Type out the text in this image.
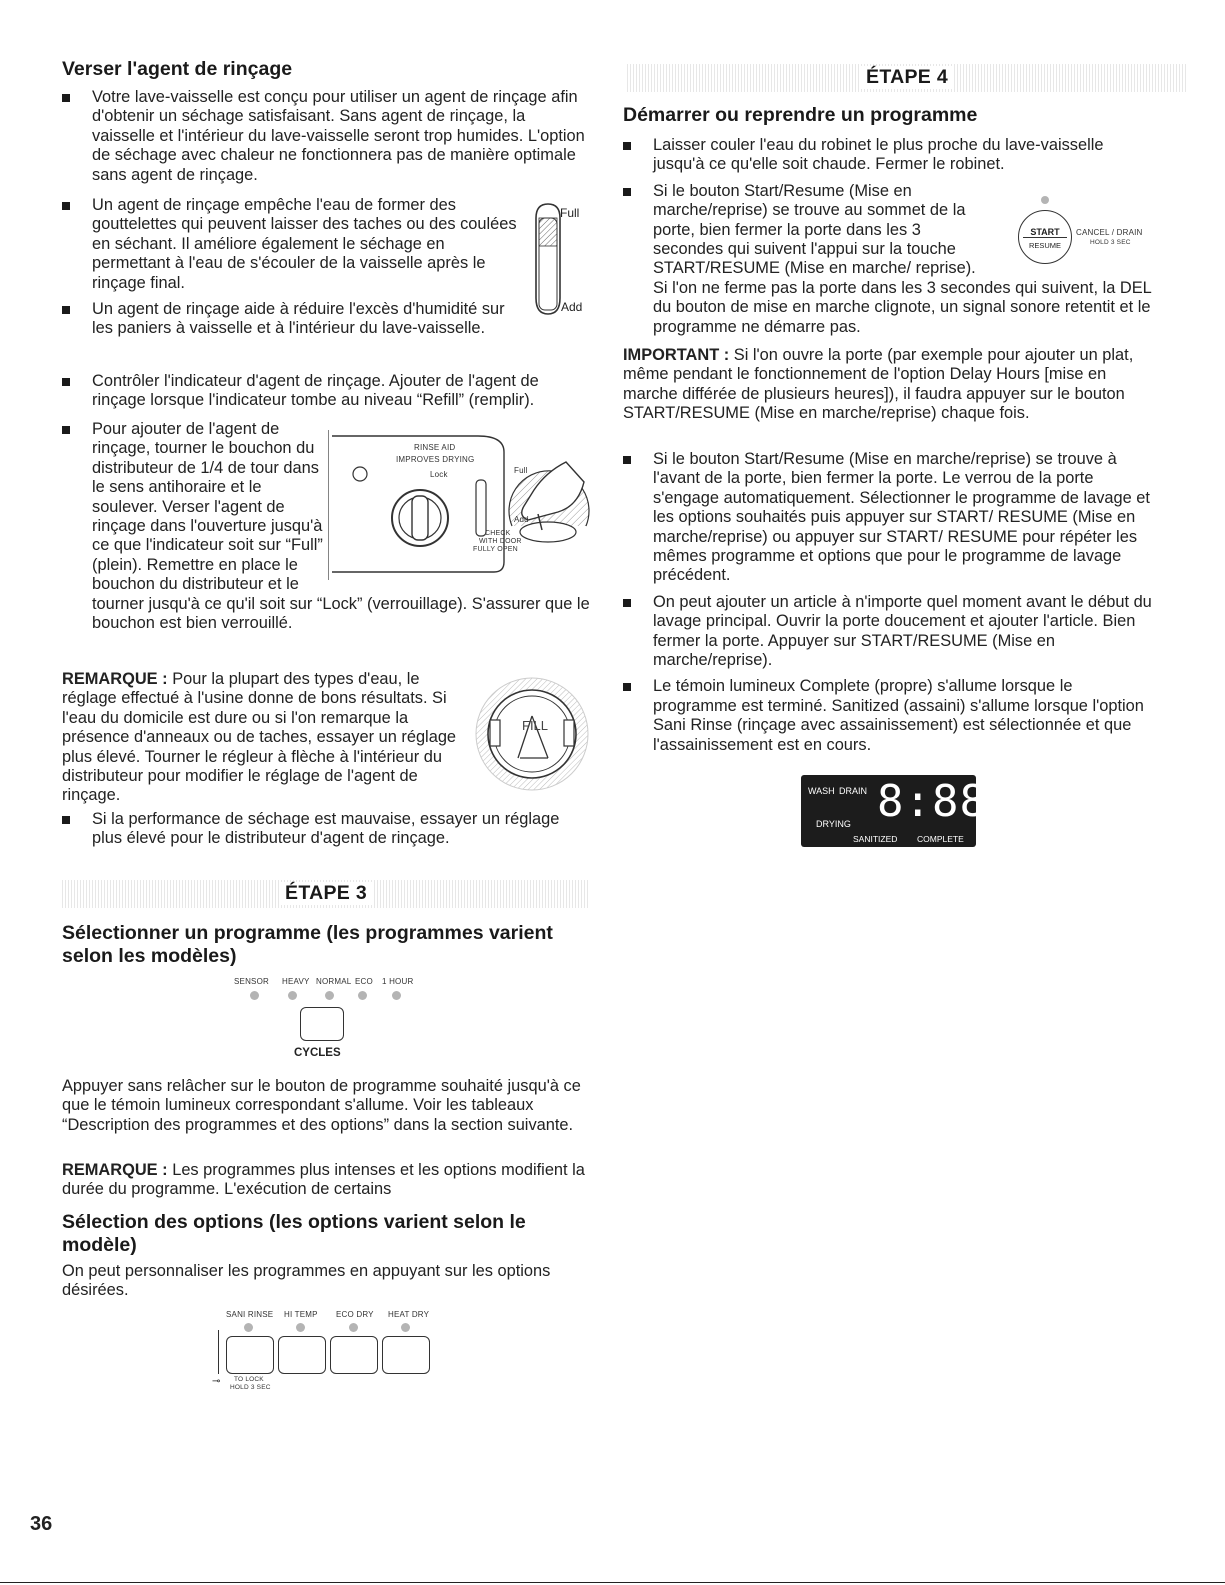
Verser l'agent de rinçage
Votre lave-vaisselle est conçu pour utiliser un agent de rinçage afin d'obtenir un séchage satisfaisant. Sans agent de rinçage, la vaisselle et l'intérieur du lave-vaisselle seront trop humides. L'option de séchage avec chaleur ne fonctionnera pas de manière optimale sans agent de rinçage.
Un agent de rinçage empêche l'eau de former des gouttelettes qui peuvent laisser des taches ou des coulées en séchant. Il améliore également le séchage en permettant à l'eau de s'écouler de la vaisselle après le rinçage final.
Un agent de rinçage aide à réduire l'excès d'humidité sur les paniers à vaisselle et à l'intérieur du lave-vaisselle.
Full
Add
Contrôler l'indicateur d'agent de rinçage. Ajouter de l'agent de rinçage lorsque l'indicateur tombe au niveau “Refill” (remplir).
Pour ajouter de l'agent de rinçage, tourner le bouchon du distributeur de 1/4 de tour dans le sens antihoraire et le soulever. Verser l'agent de rinçage dans l'ouverture jusqu'à ce que l'indicateur soit sur “Full” (plein). Remettre en place le bouchon du distributeur et le tourner jusqu'à ce qu'il soit sur “Lock” (verrouillage). S'assurer que le bouchon est bien verrouillé.
RINSE AID
IMPROVES DRYING
Lock	Full
Add
CHECK
WITH DOOR
FULLY OPEN

REMARQUE : Pour la plupart des types d'eau, le réglage effectué à l'usine donne de bons résultats. Si l'eau du domicile est dure ou si l'on remarque la présence d'anneaux ou de taches, essayer un réglage plus élevé. Tourner le régleur à flèche à l'intérieur du distributeur pour modifier le réglage de l'agent de rinçage.

FILL
Si la performance de séchage est mauvaise, essayer un réglage plus élevé pour le distributeur d'agent de rinçage.
ÉTAPE 3
Sélectionner un programme (les programmes varient selon les modèles)
SENSOR HEAVY NORMAL ECO 1 HOUR
CYCLES

Appuyer sans relâcher sur le bouton de programme souhaité jusqu'à ce que le témoin lumineux correspondant s'allume. Voir les tableaux “Description des programmes et des options” dans la section suivante.

REMARQUE : Les programmes plus intenses et les options modifient la durée du programme. L'exécution de certains

Sélection des options (les options varient selon le modèle)

On peut personnaliser les programmes en appuyant sur les options désirées.

SANI RINSE HI TEMP ECO DRY HEAT DRY
⊸ TO LOCK
HOLD 3 SEC
36
ÉTAPE 4
Démarrer ou reprendre un programme
Laisser couler l'eau du robinet le plus proche du lave-vaisselle jusqu'à ce qu'elle soit chaude. Fermer le robinet.
Si le bouton Start/Resume (Mise en marche/reprise) se trouve au sommet de la porte, bien fermer la porte dans les 3 secondes qui suivent l'appui sur la touche START/RESUME (Mise en marche/ reprise). Si l'on ne ferme pas la porte dans les 3 secondes qui suivent, la DEL du bouton de mise en marche clignote, un signal sonore retentit et le programme ne démarre pas.
START
RESUME
CANCEL / DRAIN
HOLD 3 SEC

IMPORTANT : Si l'on ouvre la porte (par exemple pour ajouter un plat, même pendant le fonctionnement de l'option Delay Hours [mise en marche différée de plusieurs heures]), il faudra appuyer sur le bouton START/RESUME (Mise en marche/reprise) chaque fois.

Si le bouton Start/Resume (Mise en marche/reprise) se trouve à l'avant de la porte, bien fermer la porte. Le verrou de la porte s'engage automatiquement. Sélectionner le programme de lavage et les options souhaités puis appuyer sur START/ RESUME (Mise en marche/reprise) ou appuyer sur START/ RESUME pour répéter les mêmes programme et options que pour le programme de lavage précédent.
On peut ajouter un article à n'importe quel moment avant le début du lavage principal. Ouvrir la porte doucement et ajouter l'article. Bien fermer la porte. Appuyer sur START/RESUME (Mise en marche/reprise).
Le témoin lumineux Complete (propre) s'allume lorsque le programme est terminé. Sanitized (assaini) s'allume lorsque l'option Sani Rinse (rinçage avec assainissement) est sélectionnée et que l'assainissement est en cours.
WASH DRAIN
DRYING 8:88
SANITIZED COMPLETE
